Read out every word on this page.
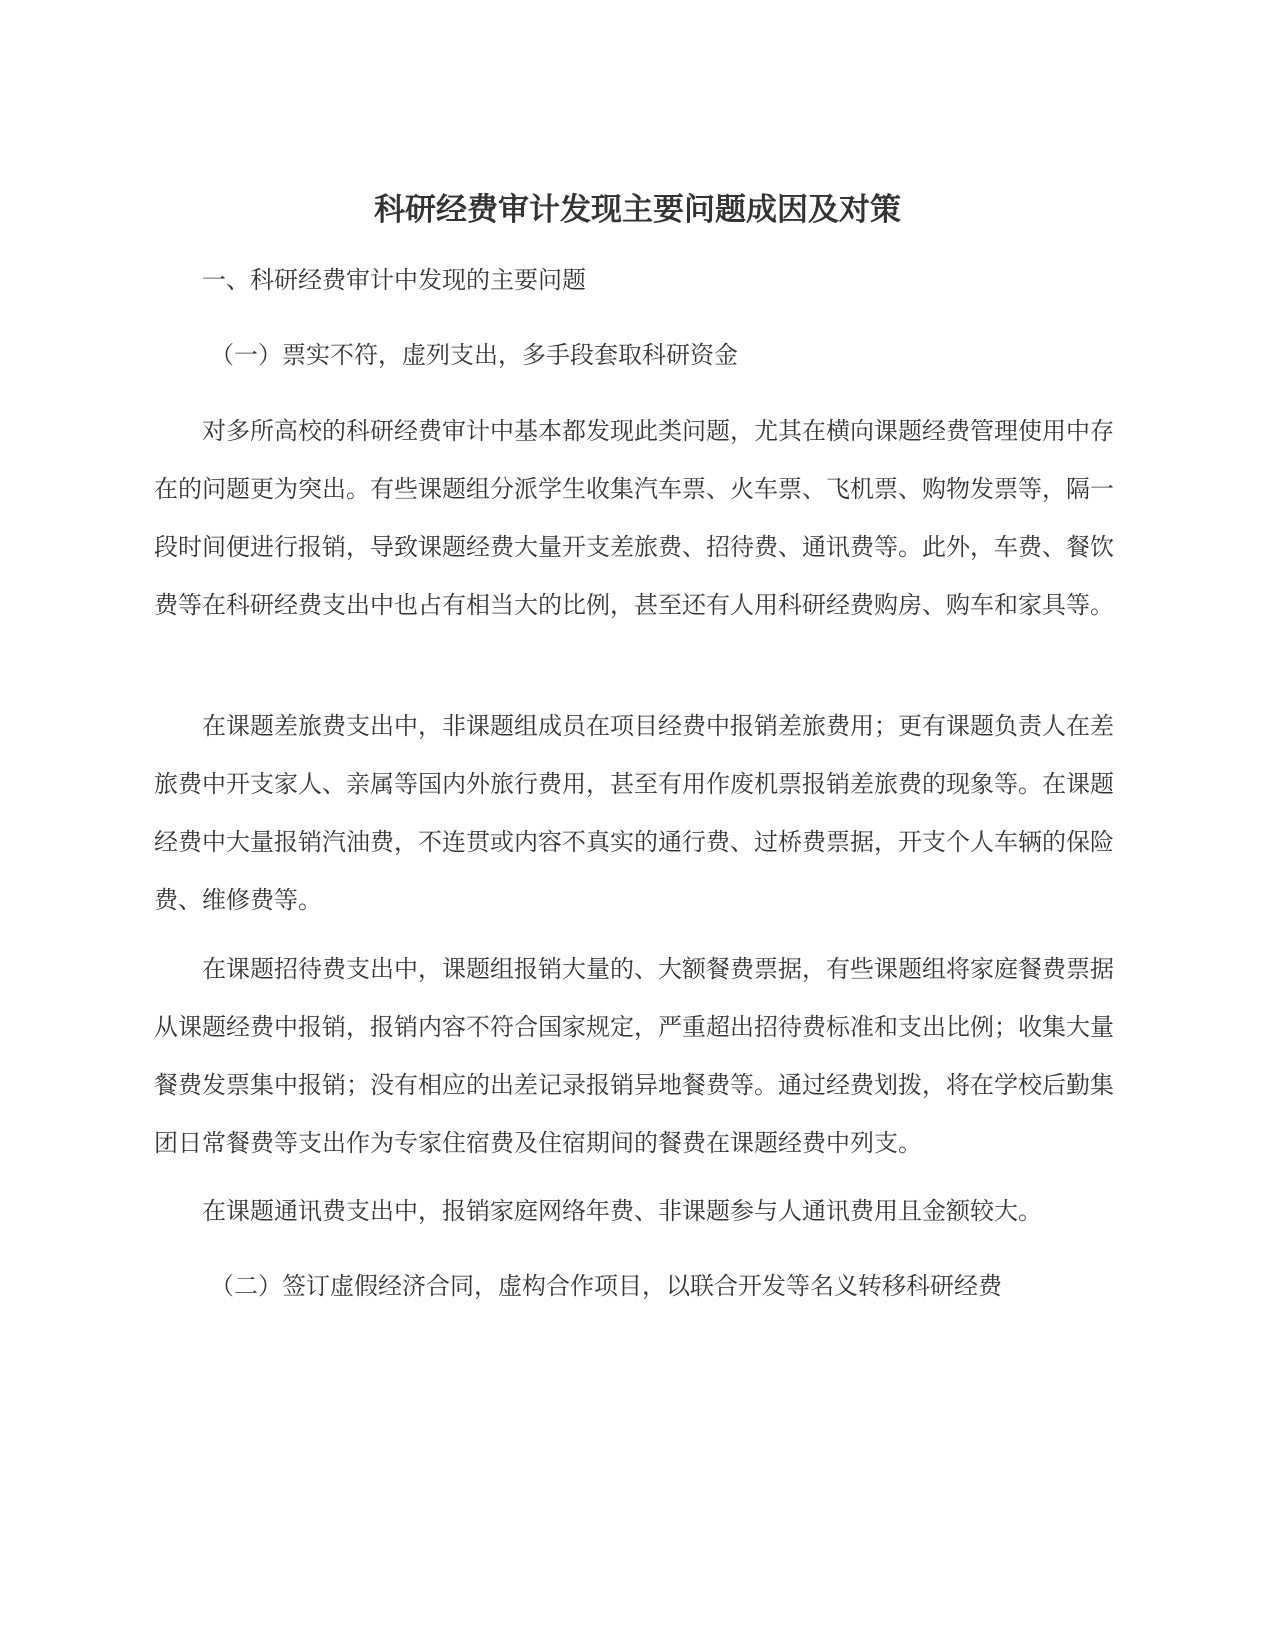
科研经费审计发现主要问题成因及对策

一、科研经费审计中发现的主要问题

（一）票实不符，虚列支出，多手段套取科研资金

对多所高校的科研经费审计中基本都发现此类问题，尤其在横向课题经费管理使用中存在的问题更为突出。有些课题组分派学生收集汽车票、火车票、飞机票、购物发票等，隔一段时间便进行报销，导致课题经费大量开支差旅费、招待费、通讯费等。此外，车费、餐饮费等在科研经费支出中也占有相当大的比例，甚至还有人用科研经费购房、购车和家具等。

在课题差旅费支出中，非课题组成员在项目经费中报销差旅费用；更有课题负责人在差旅费中开支家人、亲属等国内外旅行费用，甚至有用作废机票报销差旅费的现象等。在课题经费中大量报销汽油费，不连贯或内容不真实的通行费、过桥费票据，开支个人车辆的保险费、维修费等。

在课题招待费支出中，课题组报销大量的、大额餐费票据，有些课题组将家庭餐费票据从课题经费中报销，报销内容不符合国家规定，严重超出招待费标准和支出比例；收集大量餐费发票集中报销；没有相应的出差记录报销异地餐费等。通过经费划拨，将在学校后勤集团日常餐费等支出作为专家住宿费及住宿期间的餐费在课题经费中列支。

在课题通讯费支出中，报销家庭网络年费、非课题参与人通讯费用且金额较大。

（二）签订虚假经济合同，虚构合作项目，以联合开发等名义转移科研经费
